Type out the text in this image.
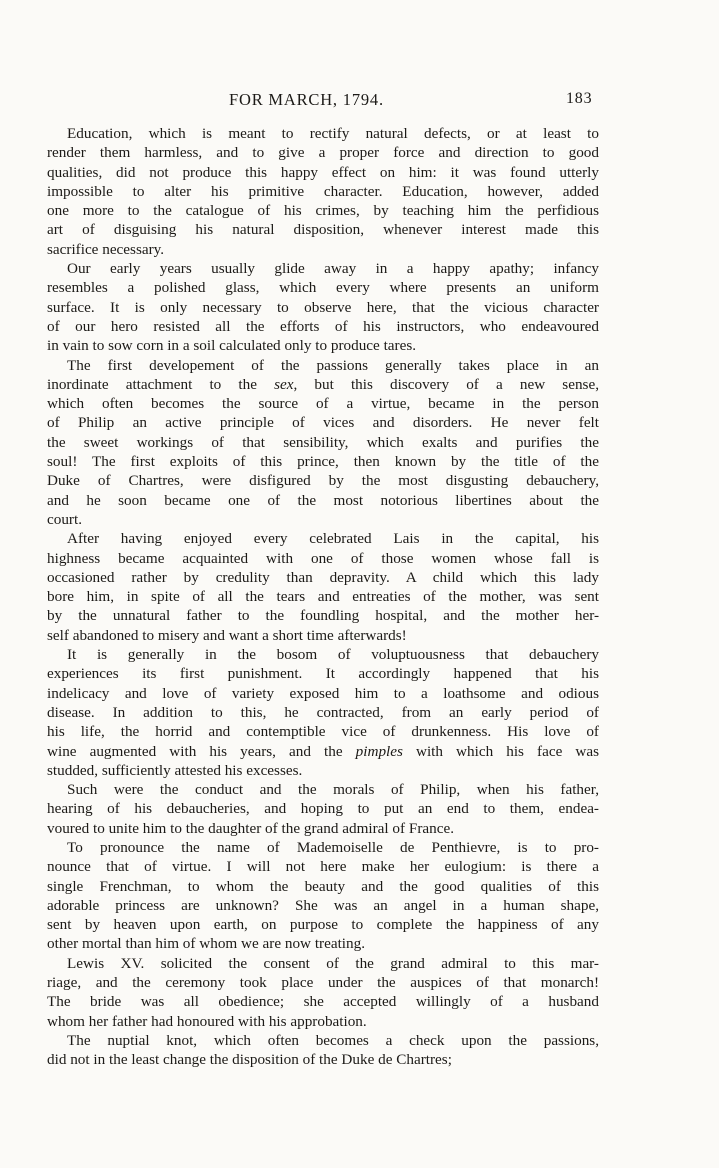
FOR MARCH, 1794.	183
Education, which is meant to rectify natural defects, or at least to
render them harmless, and to give a proper force and direction to good
qualities, did not produce this happy effect on him: it was found utterly
impossible to alter his primitive character. Education, however, added
one more to the catalogue of his crimes, by teaching him the perfidious
art of disguising his natural disposition, whenever interest made this
sacrifice necessary.
Our early years usually glide away in a happy apathy; infancy
resembles a polished glass, which every where presents an uniform
surface. It is only necessary to observe here, that the vicious character
of our hero resisted all the efforts of his instructors, who endeavoured
in vain to sow corn in a soil calculated only to produce tares.
The first developement of the passions generally takes place in an
inordinate attachment to the sex, but this discovery of a new sense,
which often becomes the source of a virtue, became in the person
of Philip an active principle of vices and disorders. He never felt
the sweet workings of that sensibility, which exalts and purifies the
soul! The first exploits of this prince, then known by the title of the
Duke of Chartres, were disfigured by the most disgusting debauchery,
and he soon became one of the most notorious libertines about the
court.
After having enjoyed every celebrated Lais in the capital, his
highness became acquainted with one of those women whose fall is
occasioned rather by credulity than depravity. A child which this lady
bore him, in spite of all the tears and entreaties of the mother, was sent
by the unnatural father to the foundling hospital, and the mother her-
self abandoned to misery and want a short time afterwards!
It is generally in the bosom of voluptuousness that debauchery
experiences its first punishment. It accordingly happened that his
indelicacy and love of variety exposed him to a loathsome and odious
disease. In addition to this, he contracted, from an early period of
his life, the horrid and contemptible vice of drunkenness. His love of
wine augmented with his years, and the pimples with which his face was
studded, sufficiently attested his excesses.
Such were the conduct and the morals of Philip, when his father,
hearing of his debaucheries, and hoping to put an end to them, endea-
voured to unite him to the daughter of the grand admiral of France.
To pronounce the name of Mademoiselle de Penthievre, is to pro-
nounce that of virtue. I will not here make her eulogium: is there a
single Frenchman, to whom the beauty and the good qualities of this
adorable princess are unknown? She was an angel in a human shape,
sent by heaven upon earth, on purpose to complete the happiness of any
other mortal than him of whom we are now treating.
Lewis XV. solicited the consent of the grand admiral to this mar-
riage, and the ceremony took place under the auspices of that monarch!
The bride was all obedience; she accepted willingly of a husband
whom her father had honoured with his approbation.
The nuptial knot, which often becomes a check upon the passions,
did not in the least change the disposition of the Duke de Chartres;
